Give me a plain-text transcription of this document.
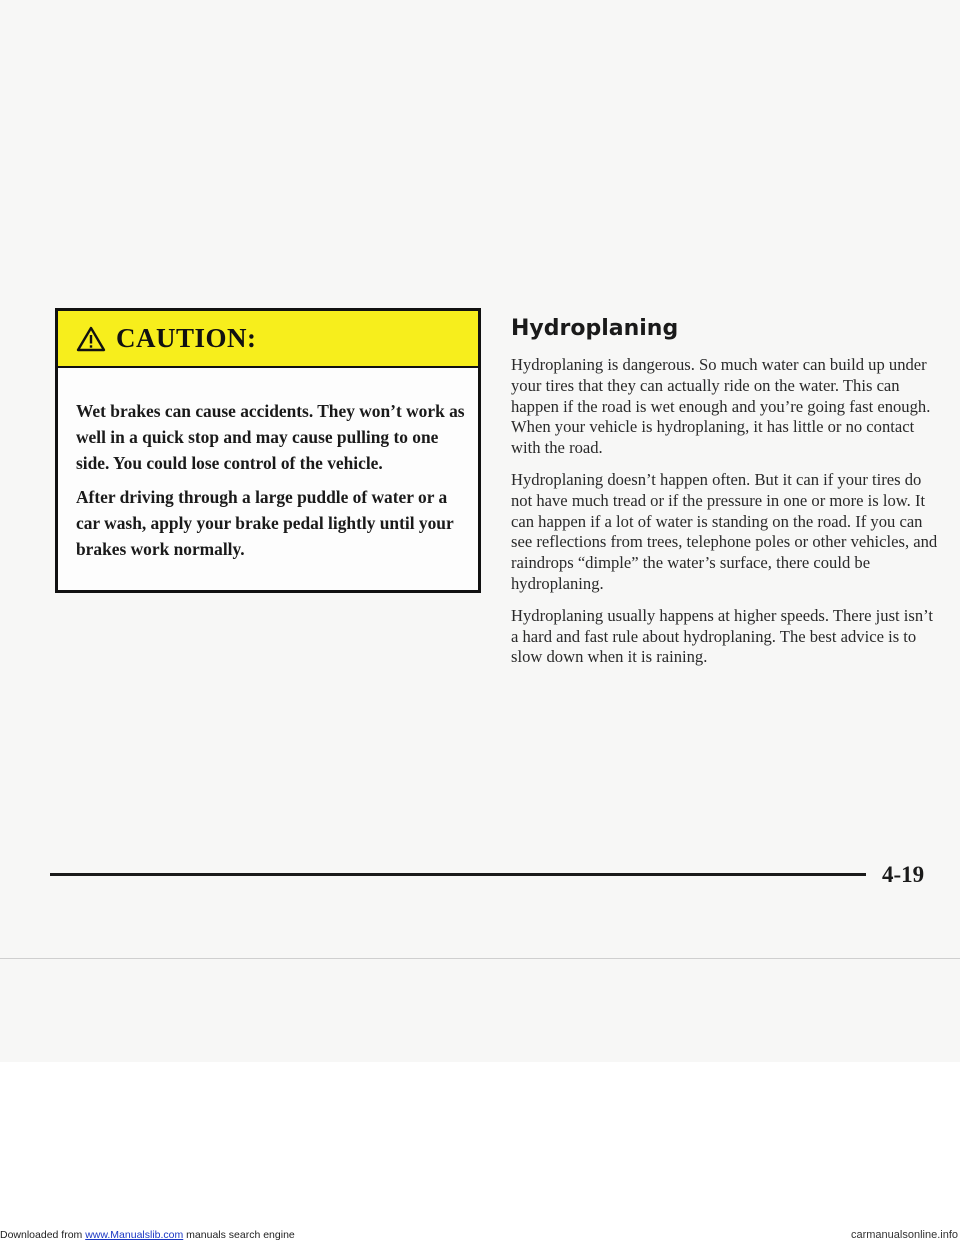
CAUTION:

Wet brakes can cause accidents. They won’t work as well in a quick stop and may cause pulling to one side. You could lose control of the vehicle.

After driving through a large puddle of water or a car wash, apply your brake pedal lightly until your brakes work normally.

Hydroplaning

Hydroplaning is dangerous. So much water can build up under your tires that they can actually ride on the water. This can happen if the road is wet enough and you’re going fast enough. When your vehicle is hydroplaning, it has little or no contact with the road.

Hydroplaning doesn’t happen often. But it can if your tires do not have much tread or if the pressure in one or more is low. It can happen if a lot of water is standing on the road. If you can see reflections from trees, telephone poles or other vehicles, and raindrops “dimple” the water’s surface, there could be hydroplaning.

Hydroplaning usually happens at higher speeds. There just isn’t a hard and fast rule about hydroplaning. The best advice is to slow down when it is raining.

4-19
Downloaded from www.Manualslib.com manuals search engine	carmanualsonline.info
